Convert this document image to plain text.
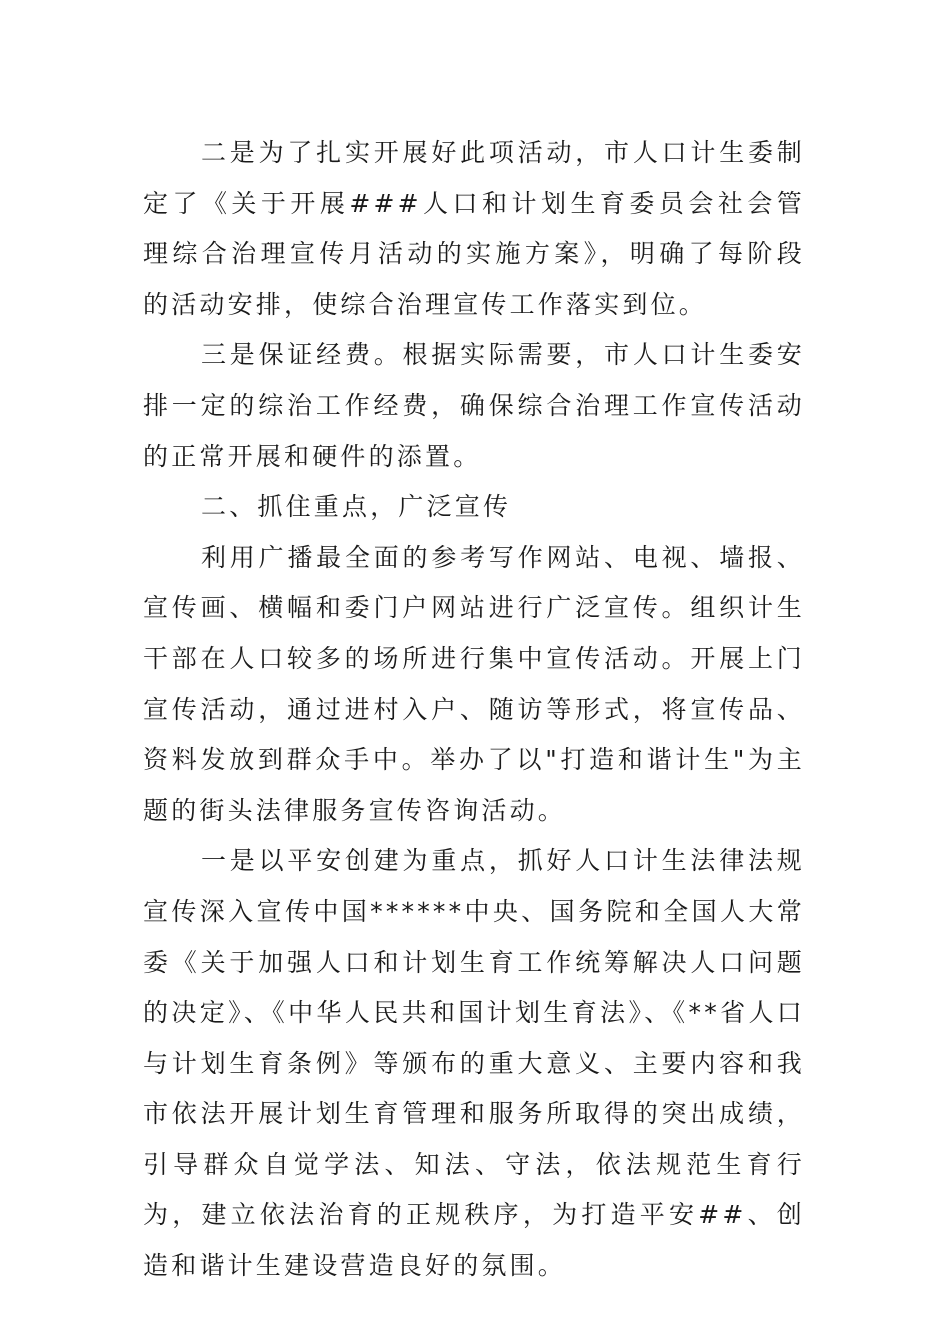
二是为了扎实开展好此项活动，市人口计生委制定了《关于开展###人口和计划生育委员会社会管理综合治理宣传月活动的实施方案》，明确了每阶段的活动安排，使综合治理宣传工作落实到位。

三是保证经费。根据实际需要，市人口计生委安排一定的综治工作经费，确保综合治理工作宣传活动的正常开展和硬件的添置。

二、抓住重点，广泛宣传

利用广播最全面的参考写作网站、电视、墙报、宣传画、横幅和委门户网站进行广泛宣传。组织计生干部在人口较多的场所进行集中宣传活动。开展上门宣传活动，通过进村入户、随访等形式，将宣传品、资料发放到群众手中。举办了以"打造和谐计生"为主题的街头法律服务宣传咨询活动。

一是以平安创建为重点，抓好人口计生法律法规宣传深入宣传中国******中央、国务院和全国人大常委《关于加强人口和计划生育工作统筹解决人口问题的决定》、《中华人民共和国计划生育法》、《**省人口与计划生育条例》等颁布的重大意义、主要内容和我市依法开展计划生育管理和服务所取得的突出成绩，引导群众自觉学法、知法、守法，依法规范生育行为，建立依法治育的正规秩序，为打造平安##、创造和谐计生建设营造良好的氛围。
